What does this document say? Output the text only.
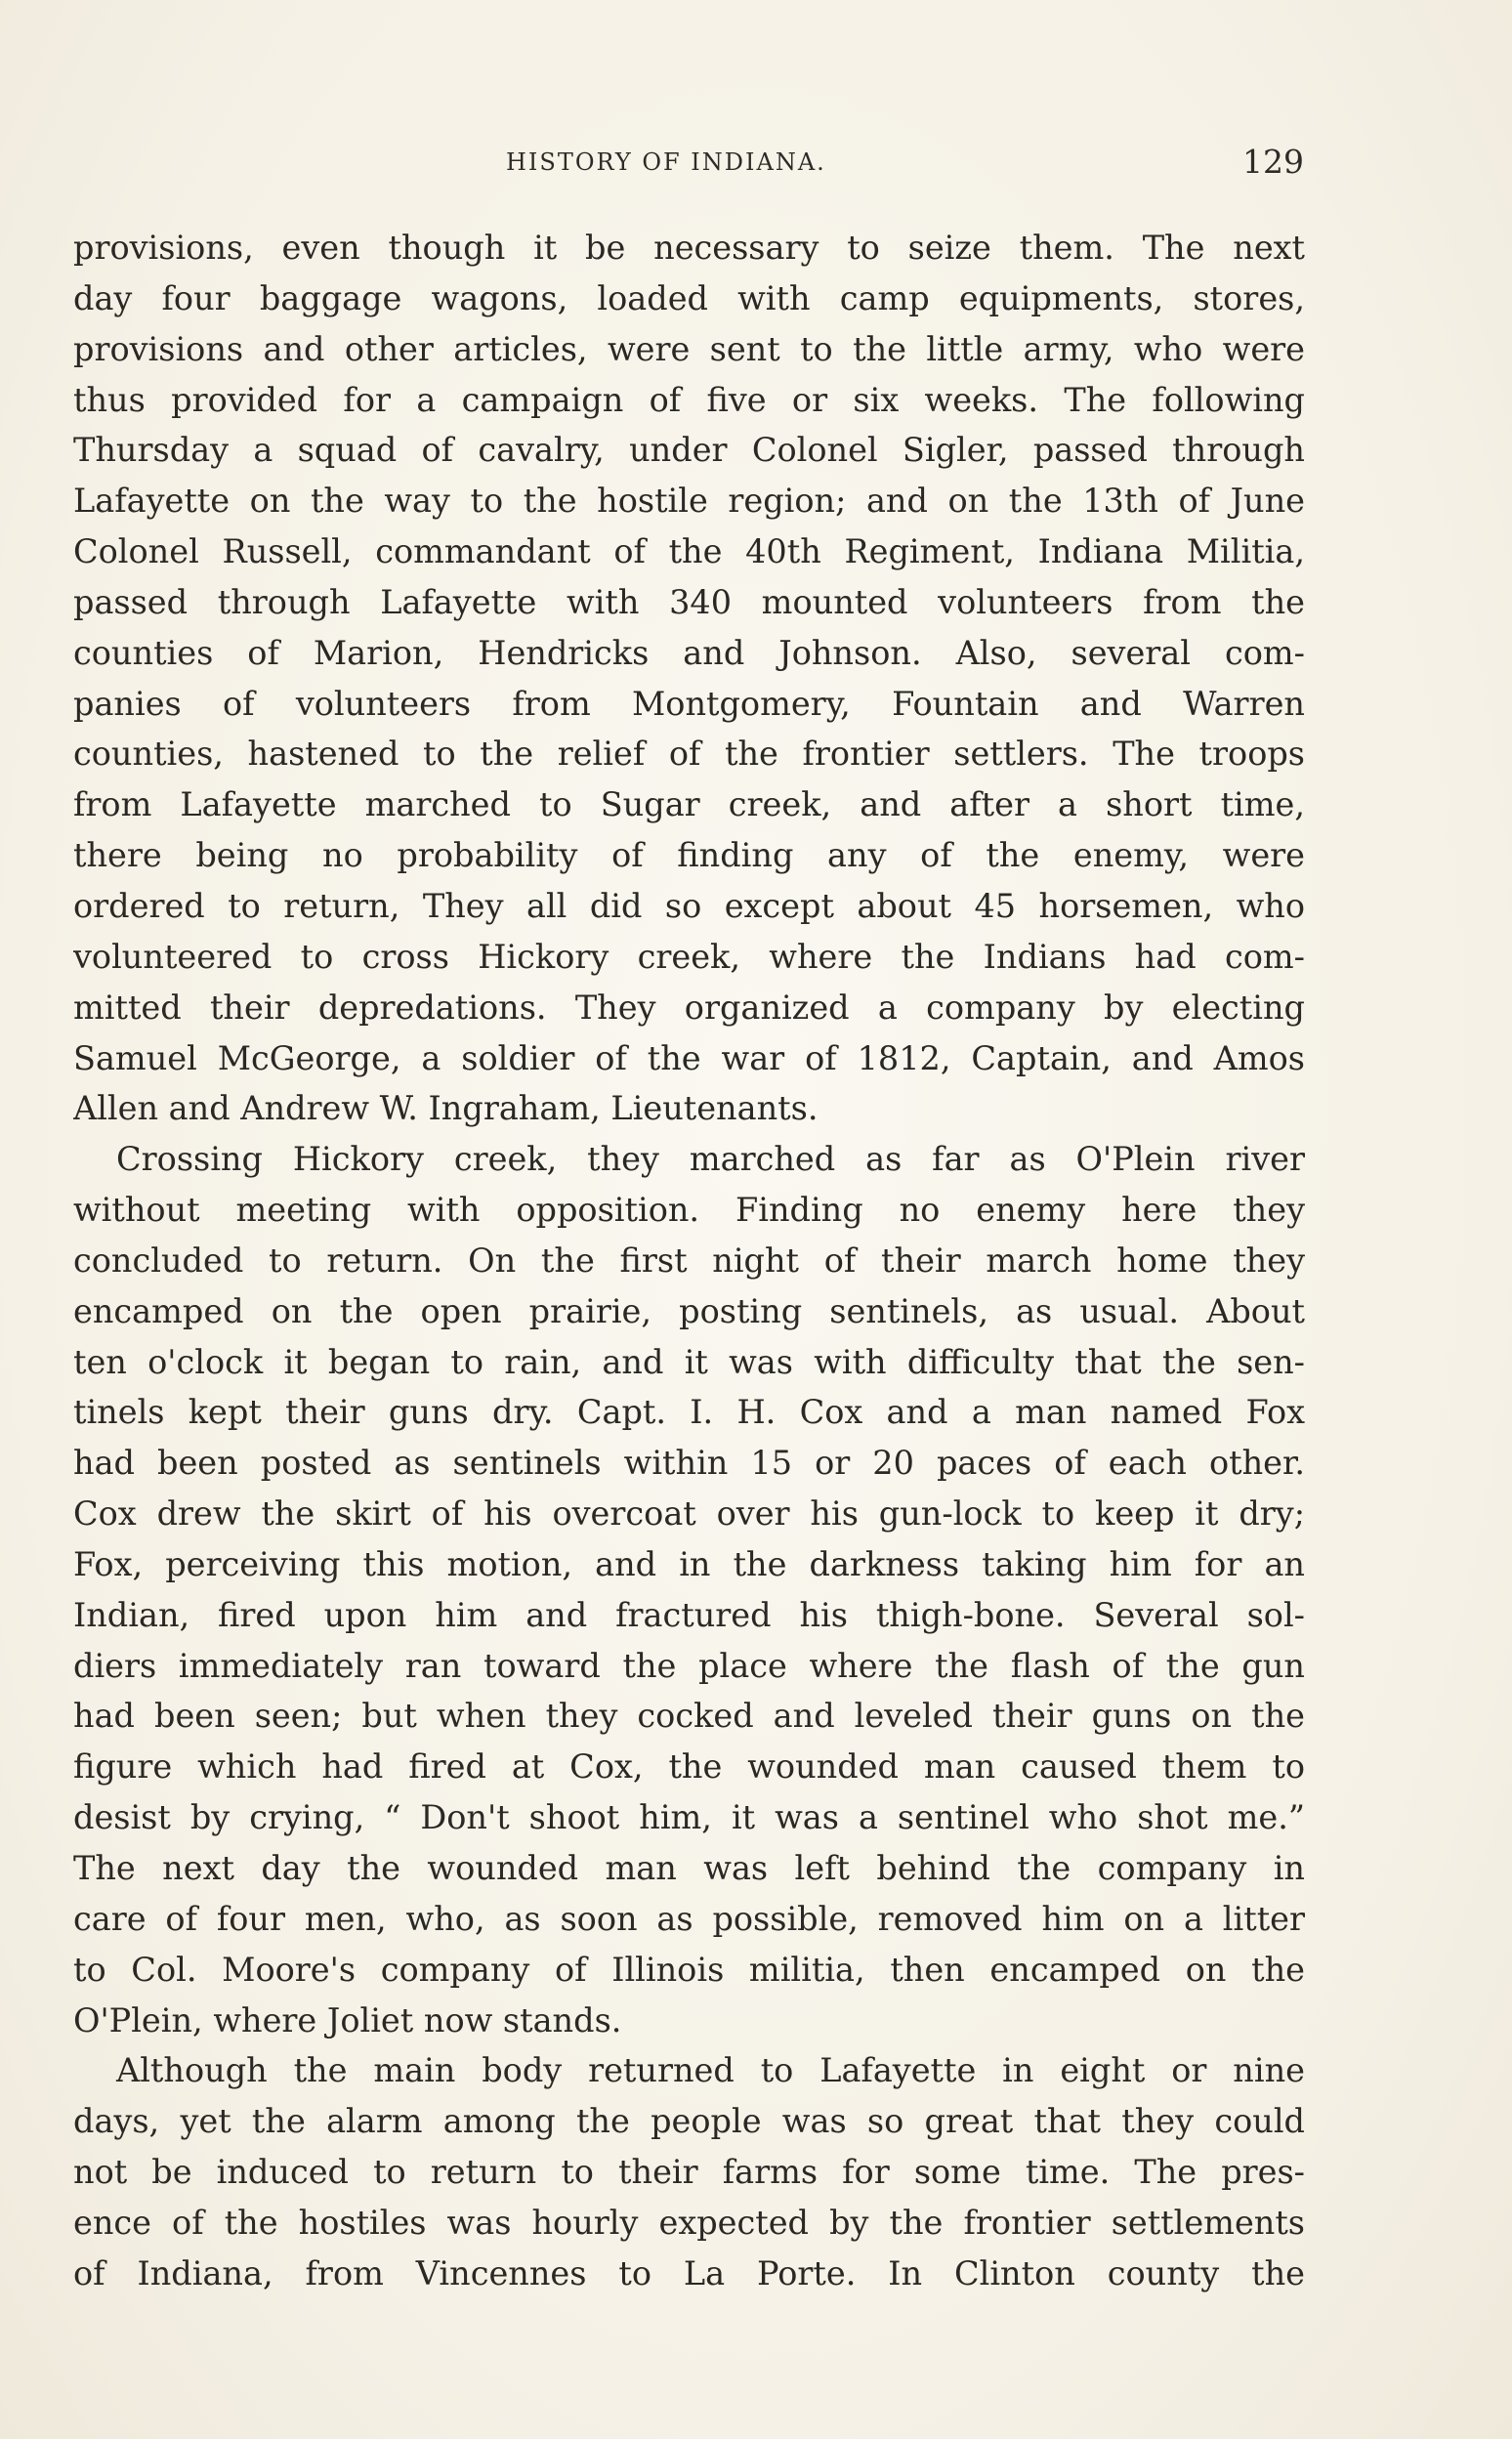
HISTORY OF INDIANA.	129
provisions, even though it be necessary to seize them. The next
day four baggage wagons, loaded with camp equipments, stores,
provisions and other articles, were sent to the little army, who were
thus provided for a campaign of five or six weeks. The following
Thursday a squad of cavalry, under Colonel Sigler, passed through
Lafayette on the way to the hostile region; and on the 13th of June
Colonel Russell, commandant of the 40th Regiment, Indiana Militia,
passed through Lafayette with 340 mounted volunteers from the
counties of Marion, Hendricks and Johnson. Also, several com-
panies of volunteers from Montgomery, Fountain and Warren
counties, hastened to the relief of the frontier settlers. The troops
from Lafayette marched to Sugar creek, and after a short time,
there being no probability of finding any of the enemy, were
ordered to return, They all did so except about 45 horsemen, who
volunteered to cross Hickory creek, where the Indians had com-
mitted their depredations. They organized a company by electing
Samuel McGeorge, a soldier of the war of 1812, Captain, and Amos
Allen and Andrew W. Ingraham, Lieutenants.
Crossing Hickory creek, they marched as far as O'Plein river
without meeting with opposition. Finding no enemy here they
concluded to return. On the first night of their march home they
encamped on the open prairie, posting sentinels, as usual. About
ten o'clock it began to rain, and it was with difficulty that the sen-
tinels kept their guns dry. Capt. I. H. Cox and a man named Fox
had been posted as sentinels within 15 or 20 paces of each other.
Cox drew the skirt of his overcoat over his gun-lock to keep it dry;
Fox, perceiving this motion, and in the darkness taking him for an
Indian, fired upon him and fractured his thigh-bone. Several sol-
diers immediately ran toward the place where the flash of the gun
had been seen; but when they cocked and leveled their guns on the
figure which had fired at Cox, the wounded man caused them to
desist by crying, “ Don't shoot him, it was a sentinel who shot me.”
The next day the wounded man was left behind the company in
care of four men, who, as soon as possible, removed him on a litter
to Col. Moore's company of Illinois militia, then encamped on the
O'Plein, where Joliet now stands.
Although the main body returned to Lafayette in eight or nine
days, yet the alarm among the people was so great that they could
not be induced to return to their farms for some time. The pres-
ence of the hostiles was hourly expected by the frontier settlements
of Indiana, from Vincennes to La Porte. In Clinton county the
